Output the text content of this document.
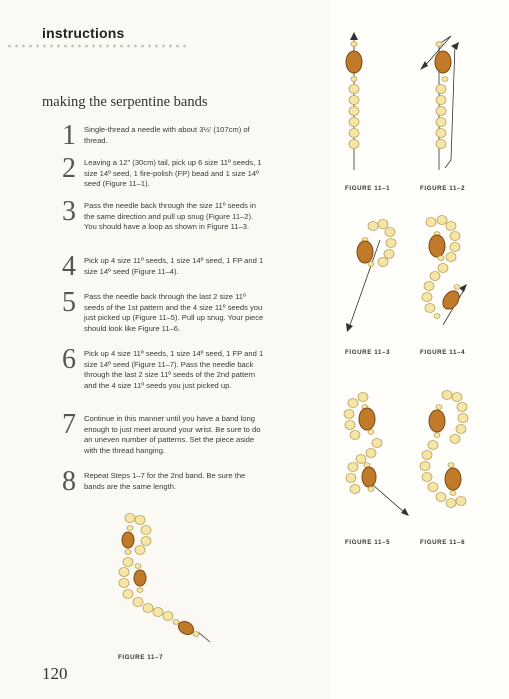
instructions
making the serpentine bands
1	Single-thread a needle with about 3½' (107cm) of thread.
2	Leaving a 12" (30cm) tail, pick up 6 size 11º seeds, 1 size 14º seed, 1 fire-polish (FP) bead and 1 size 14º seed (Figure 11–1).
3	Pass the needle back through the size 11º seeds in the same direction and pull up snug (Figure 11–2). You should have a loop as shown in Figure 11–3.
4	Pick up 4 size 11º seeds, 1 size 14º seed, 1 FP and 1 size 14º seed (Figure 11–4).
5	Pass the needle back through the last 2 size 11º seeds of the 1st pattern and the 4 size 11º seeds you just picked up (Figure 11–5). Pull up snug. Your piece should look like Figure 11–6.
6	Pick up 4 size 11º seeds, 1 size 14º seed, 1 FP and 1 size 14º seed (Figure 11–7). Pass the needle back through the last 2 size 11º seeds of the 2nd pattern and the 4 size 11º seeds you just picked up.
7	Continue in this manner until you have a band long enough to just meet around your wrist. Be sure to do an uneven number of patterns. Set the piece aside with the thread hanging.
8	Repeat Steps 1–7 for the 2nd band. Be sure the bands are the same length.
FIGURE 11–1	FIGURE 11–2
FIGURE 11–3	FIGURE 11–4
FIGURE 11–5	FIGURE 11–6
FIGURE 11–7
120
